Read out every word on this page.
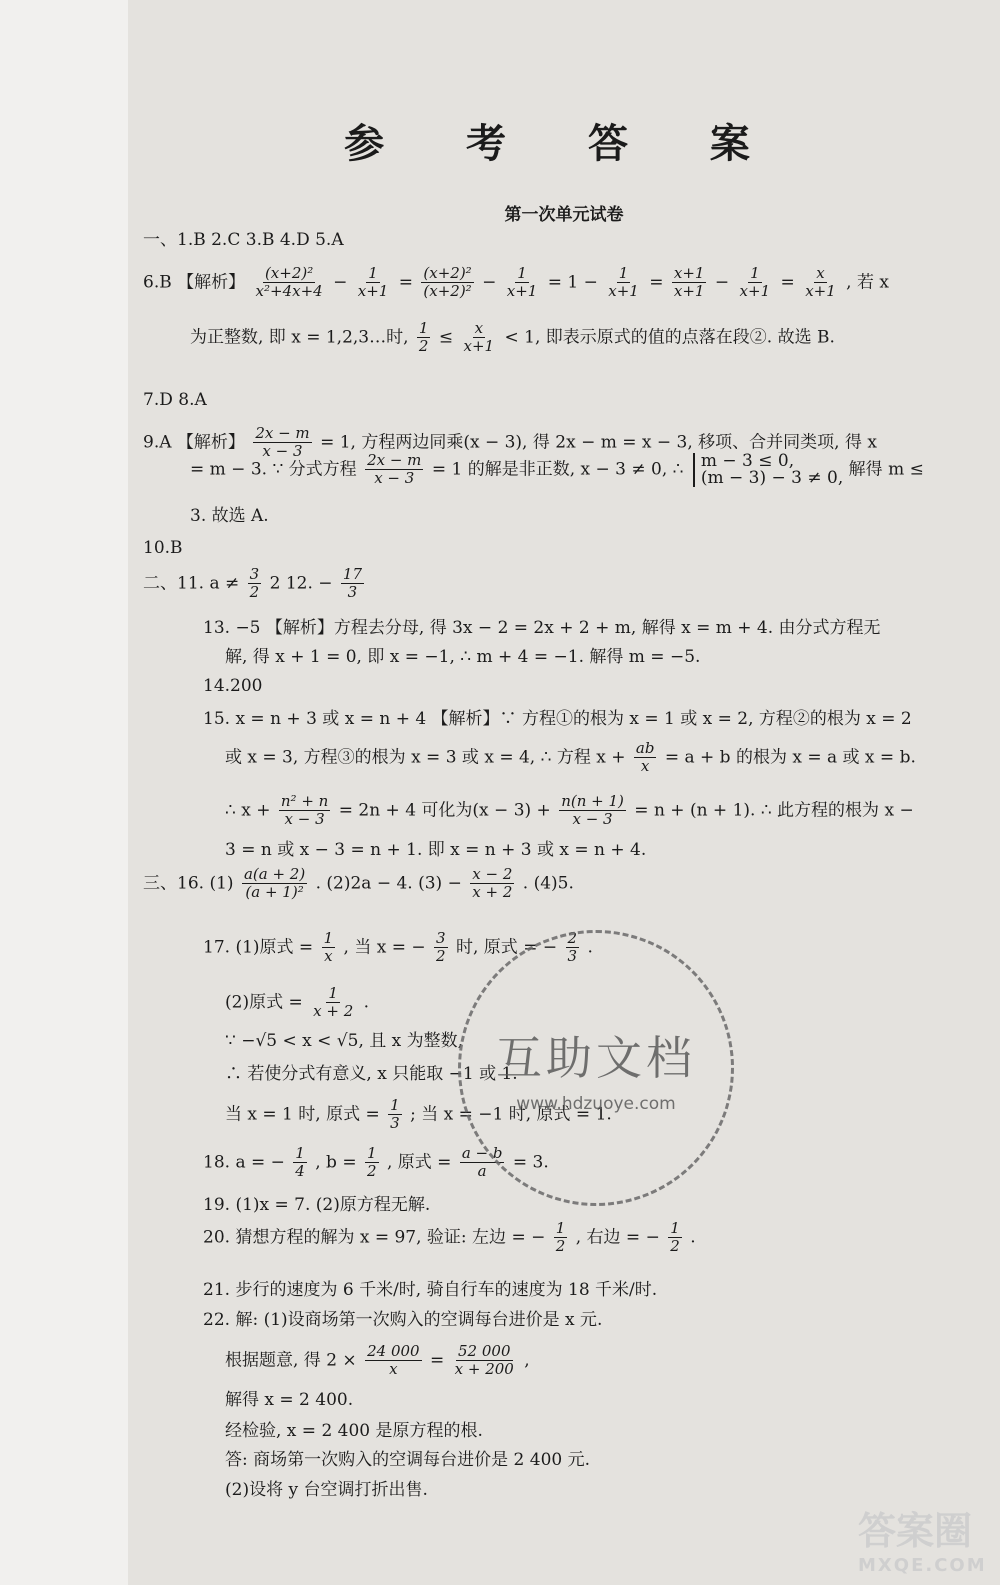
参 考 答 案
第一次单元试卷
一、1.B 2.C 3.B 4.D 5.A
6.B 【解析】 $\frac{\text{(x+2)²}}{\text{x²+4x+4}} - \frac{1}{x+1} = \frac{\text{(x+2)²}}{\text{(x+2)²}} - \frac{1}{x+1} = 1 - \frac{1}{x+1} = \frac{x+1}{x+1} - \frac{1}{x+1} = \frac{x}{x+1}$ , 若 x
为正整数, 即 x = 1,2,3…时, $\frac{1}{2} \le \frac{x}{x+1} < 1$, 即表示原式的值的点落在段②. 故选 B.
7.D 8.A
9.A 【解析】 $\frac{2x - m}{x - 3} = 1$, 方程两边同乘(x − 3), 得 2x − m = x − 3, 移项、合并同类项, 得 x
= m − 3. ∵ 分式方程 $\frac{2x - m}{x - 3} = 1$ 的解是非正数, x − 3 ≠ 0, ∴ m − 3 ≤ 0,
(m − 3) − 3 ≠ 0, 解得 m ≤
3. 故选 A.
10.B
二、11. $a \ne \frac{3}{2} 2$ 12. − $\frac{17}{3}$
13. −5 【解析】方程去分母, 得 3x − 2 = 2x + 2 + m, 解得 x = m + 4. 由分式方程无
解, 得 x + 1 = 0, 即 x = −1, ∴ m + 4 = −1. 解得 m = −5.
14.200
15. x = n + 3 或 x = n + 4 【解析】∵ 方程①的根为 x = 1 或 x = 2, 方程②的根为 x = 2
或 x = 3, 方程③的根为 x = 3 或 x = 4, ∴ 方程 $x + \frac{ab}{x} = a + b$ 的根为 x = a 或 x = b.
∴ $x + \frac{\text{n² + n}}{x - 3} = 2n + 4$ 可化为$(x - 3) + \frac{n(n + 1)}{x - 3} = n + (n + 1)$. ∴ 此方程的根为 x −
3 = n 或 x − 3 = n + 1. 即 x = n + 3 或 x = n + 4.
三、16. $(1) \frac{a(a + 2)}{\text{(a + 1)²}}$ . (2)2a − 4. $(3) - \frac{x - 2}{x + 2}$ . (4)5.
17. (1)原式 = $\frac{1}{x}$ , 当 x = − $\frac{3}{2}$ 时, 原式 = − $\frac{2}{3}$ .
(2)原式 = $\frac{1}{x + 2}$ .
∵ −√5 < x < √5, 且 x 为整数,
∴ 若使分式有意义, x 只能取 −1 或 1.
当 x = 1 时, 原式 = $\frac{1}{3}$ ; 当 x = −1 时, 原式 = 1.
18. a = − $\frac{1}{4}$ , $b = \frac{1}{2}$ , 原式 = $\frac{a - b}{a} = 3$.
19. (1)x = 7. (2)原方程无解.
20. 猜想方程的解为 x = 97, 验证: 左边 = − $\frac{1}{2}$ , 右边 = − $\frac{1}{2}$ .
21. 步行的速度为 6 千米/时, 骑自行车的速度为 18 千米/时.
22. 解: (1)设商场第一次购入的空调每台进价是 x 元.
根据题意, 得 $2 \times \frac{24 000}{x} = \frac{52 000}{x + 200}$ ,
解得 x = 2 400.
经检验, x = 2 400 是原方程的根.
答: 商场第一次购入的空调每台进价是 2 400 元.
(2)设将 y 台空调打折出售.
互助文档
www.hdzuoye.com
答案圈
MXQE.COM
